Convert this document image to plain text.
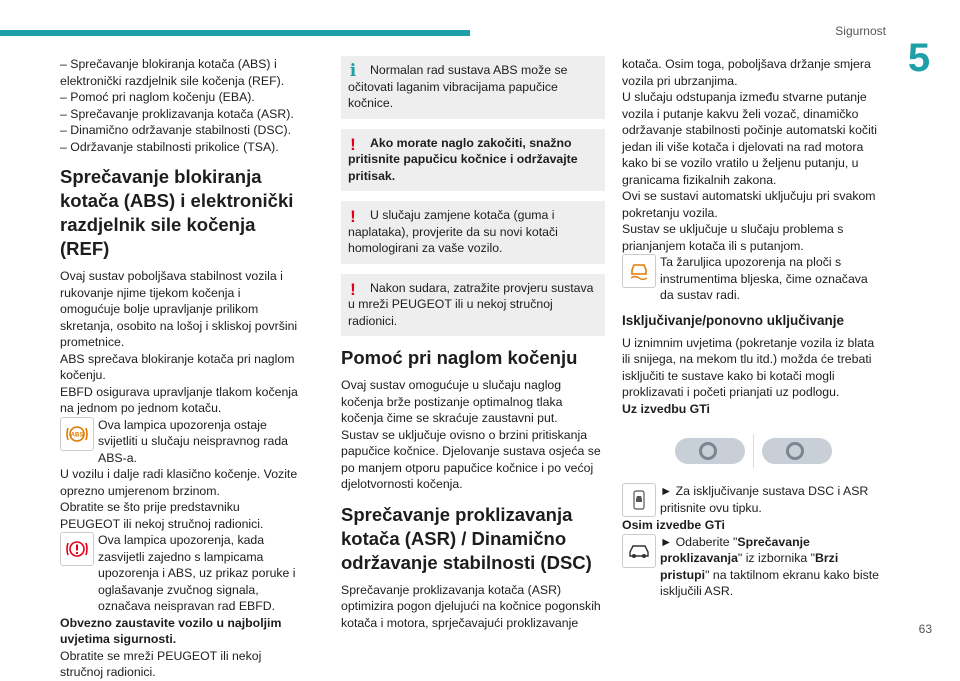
Sigurnost
5

– Sprečavanje blokiranja kotača (ABS) i elektronički razdjelnik sile kočenja (REF).

– Pomoć pri naglom kočenju (EBA).

– Sprečavanje proklizavanja kotača (ASR).

– Dinamično održavanje stabilnosti (DSC).

– Održavanje stabilnosti prikolice (TSA).

Sprečavanje blokiranja kotača (ABS) i elektronički razdjelnik sile kočenja (REF)

Ovaj sustav poboljšava stabilnost vozila i rukovanje njime tijekom kočenja i omogućuje bolje upravljanje prilikom skretanja, osobito na lošoj i skliskoj površini prometnice.

ABS sprečava blokiranje kotača pri naglom kočenju.

EBFD osigurava upravljanje tlakom kočenja na jednom po jednom kotaču.

ABS

Ova lampica upozorenja ostaje svijetliti u slučaju neispravnog rada ABS-a.

U vozilu i dalje radi klasično kočenje. Vozite oprezno umjerenom brzinom.

Obratite se što prije predstavniku PEUGEOT ili nekoj stručnoj radionici.

Ova lampica upozorenja, kada zasvijetli zajedno s lampicama upozorenja i ABS, uz prikaz poruke i oglašavanje zvučnog signala, označava neispravan rad EBFD.

Obvezno zaustavite vozilo u najboljim uvjetima sigurnosti.

Obratite se mreži PEUGEOT ili nekoj stručnoj radionici.

i	Normalan rad sustava ABS može se očitovati laganim vibracijama papučice kočnice.

!	Ako morate naglo zakočiti, snažno pritisnite papučicu kočnice i održavajte pritisak.

!	U slučaju zamjene kotača (guma i naplataka), provjerite da su novi kotači homologirani za vaše vozilo.

!	Nakon sudara, zatražite provjeru sustava u mreži PEUGEOT ili u nekoj stručnoj radionici.

Pomoć pri naglom kočenju

Ovaj sustav omogućuje u slučaju naglog kočenja brže postizanje optimalnog tlaka kočenja čime se skraćuje zaustavni put.

Sustav se uključuje ovisno o brzini pritiskanja papučice kočnice. Djelovanje sustava osjeća se po manjem otporu papučice kočnice i po većoj djelotvornosti kočenja.

Sprečavanje proklizavanja kotača (ASR) / Dinamično održavanje stabilnosti (DSC)

Sprečavanje proklizavanja kotača (ASR) optimizira pogon djelujući na kočnice pogonskih kotača i motora, sprječavajući proklizavanje

kotača. Osim toga, poboljšava držanje smjera vozila pri ubrzanjima.

U slučaju odstupanja između stvarne putanje vozila i putanje kakvu želi vozač, dinamičko održavanje stabilnosti počinje automatski kočiti jedan ili više kotača i djelovati na rad motora kako bi se vozilo vratilo u željenu putanju, u granicama fizikalnih zakona.

Ovi se sustavi automatski uključuju pri svakom pokretanju vozila.

Sustav se uključuje u slučaju problema s prianjanjem kotača ili s putanjom.

Ta žaruljica upozorenja na ploči s instrumentima bljeska, čime označava da sustav radi.

Isključivanje/ponovno uključivanje

U iznimnim uvjetima (pokretanje vozila iz blata ili snijega, na mekom tlu itd.) možda će trebati isključiti te sustave kako bi kotači mogli proklizavati i početi prianjati uz podlogu.

Uz izvedbu GTi

► Za isključivanje sustava DSC i ASR pritisnite ovu tipku.

Osim izvedbe GTi

► Odaberite "Sprečavanje proklizavanja" iz izbornika "Brzi pristupi" na taktilnom ekranu kako biste isključili ASR.

63
